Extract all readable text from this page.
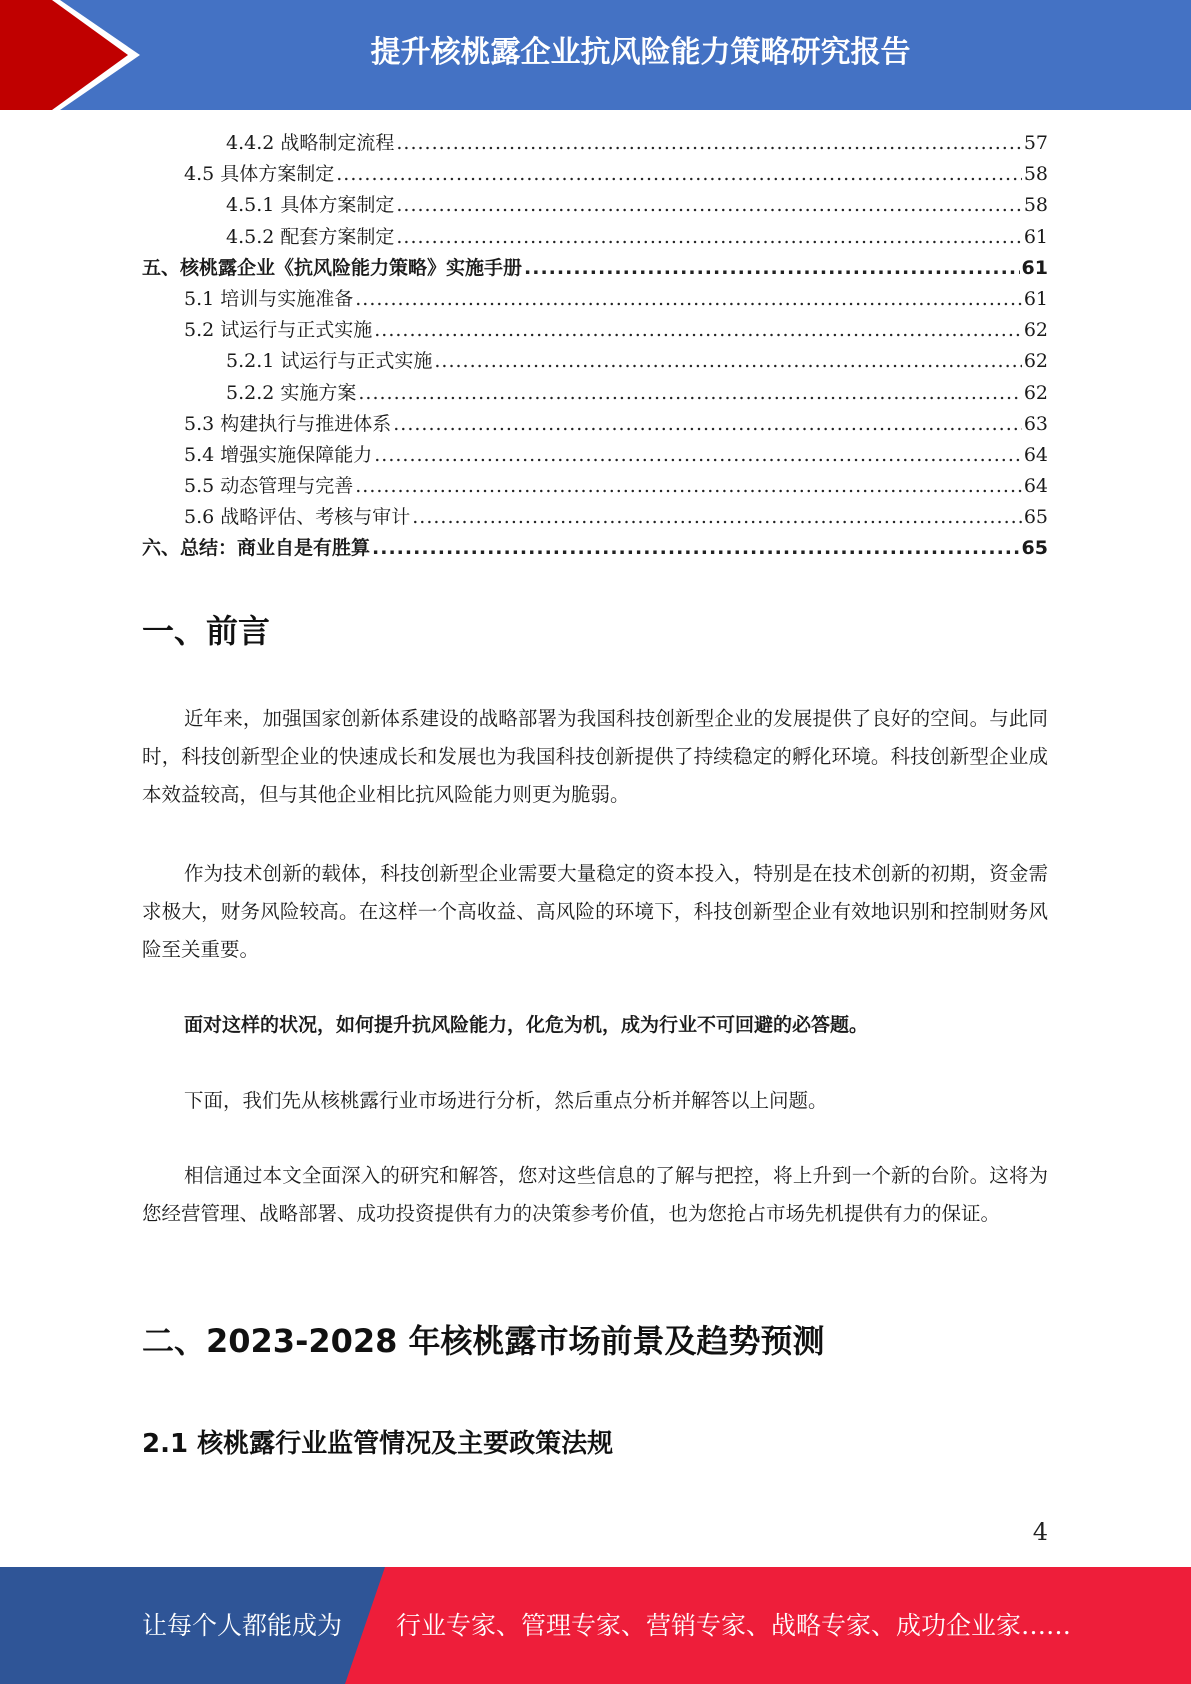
提升核桃露企业抗风险能力策略研究报告
4.4.2 战略制定流程 .....	57
4.5 具体方案制定 .....	58
4.5.1 具体方案制定 .....	58
4.5.2 配套方案制定 .....	61
五、核桃露企业《抗风险能力策略》实施手册 .....	61
5.1 培训与实施准备 .....	61
5.2 试运行与正式实施 .....	62
5.2.1 试运行与正式实施 .....	62
5.2.2 实施方案 .....	62
5.3 构建执行与推进体系 .....	63
5.4 增强实施保障能力 .....	64
5.5 动态管理与完善 .....	64
5.6 战略评估、考核与审计 .....	65
六、总结：商业自是有胜算 .....	65
一、前言
近年来，加强国家创新体系建设的战略部署为我国科技创新型企业的发展提供了良好的空间。与此同时，科技创新型企业的快速成长和发展也为我国科技创新提供了持续稳定的孵化环境。科技创新型企业成本效益较高，但与其他企业相比抗风险能力则更为脆弱。
作为技术创新的载体，科技创新型企业需要大量稳定的资本投入，特别是在技术创新的初期，资金需求极大，财务风险较高。在这样一个高收益、高风险的环境下，科技创新型企业有效地识别和控制财务风险至关重要。
面对这样的状况，如何提升抗风险能力，化危为机，成为行业不可回避的必答题。
下面，我们先从核桃露行业市场进行分析，然后重点分析并解答以上问题。
相信通过本文全面深入的研究和解答，您对这些信息的了解与把控，将上升到一个新的台阶。这将为您经营管理、战略部署、成功投资提供有力的决策参考价值，也为您抢占市场先机提供有力的保证。
二、2023-2028 年核桃露市场前景及趋势预测
2.1 核桃露行业监管情况及主要政策法规
4
让每个人都能成为 行业专家、管理专家、营销专家、战略专家、成功企业家……
